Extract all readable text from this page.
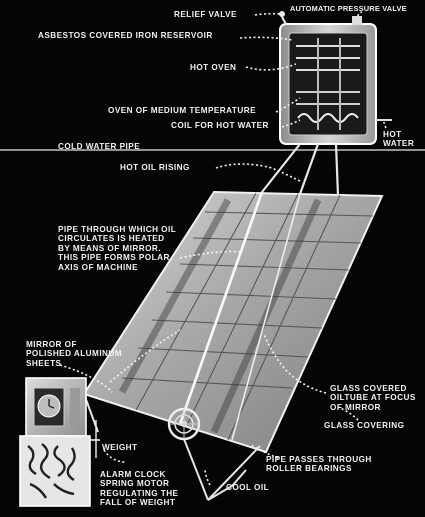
RELIEF VALVE
AUTOMATIC PRESSURE VALVE
ASBESTOS COVERED IRON RESERVOIR
HOT OVEN
OVEN OF MEDIUM TEMPERATURE
COIL FOR HOT WATER
HOT
WATER
COLD WATER PIPE
HOT OIL RISING
PIPE THROUGH WHICH OIL
CIRCULATES IS HEATED
BY MEANS OF MIRROR.
THIS PIPE FORMS POLAR
AXIS OF MACHINE
MIRROR OF
POLISHED ALUMINUM
SHEETS
GLASS COVERED
OILTUBE AT FOCUS
OF MIRROR
GLASS COVERING
WEIGHT
PIPE PASSES THROUGH
ROLLER BEARINGS
ALARM CLOCK
SPRING MOTOR
REGULATING THE
FALL OF WEIGHT
COOL OIL
